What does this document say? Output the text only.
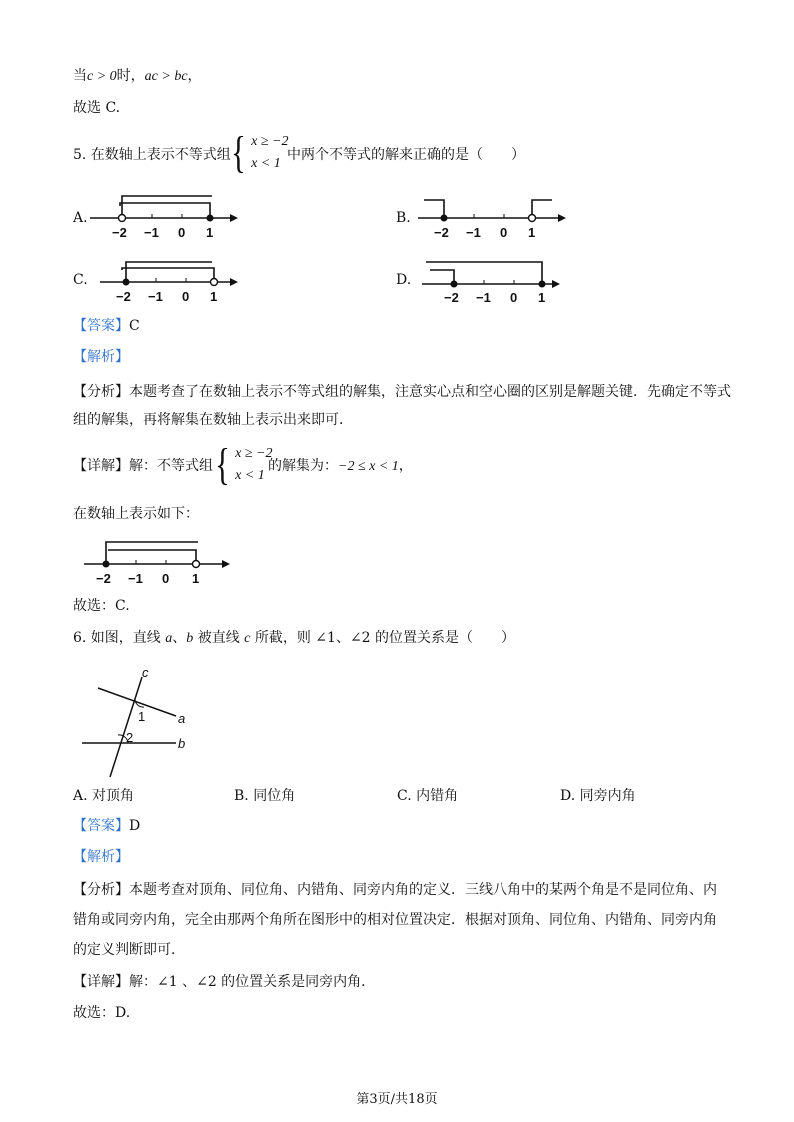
当c > 0时，ac > bc，
故选 C.
5. 在数轴上表示不等式组 { x ≥ −2
x < 1
中两个不等式的解来正确的是（　　）
A.
−2 −1 0 1
B.
−2 −1 0 1
C.
−2 −1 0 1
D.
−2 −1 0 1
【答案】C
【解析】
【分析】本题考查了在数轴上表示不等式组的解集，注意实心点和空心圈的区别是解题关键．先确定不等式
组的解集，再将解集在数轴上表示出来即可．
【详解】解：不等式组 { x ≥ −2
x < 1
的解集为：−2 ≤ x < 1，
在数轴上表示如下：
−2 −1 0 1
故选：C.
6. 如图，直线 a、b 被直线 c 所截，则 ∠1、∠2 的位置关系是（　　）
c
a
b
1
2
A. 对顶角	B. 同位角	C. 内错角	D. 同旁内角
【答案】D
【解析】
【分析】本题考查对顶角、同位角、内错角、同旁内角的定义．三线八角中的某两个角是不是同位角、内
错角或同旁内角，完全由那两个角所在图形中的相对位置决定．根据对顶角、同位角、内错角、同旁内角
的定义判断即可．
【详解】解：∠1 、∠2 的位置关系是同旁内角．
故选：D.
第3页/共18页
